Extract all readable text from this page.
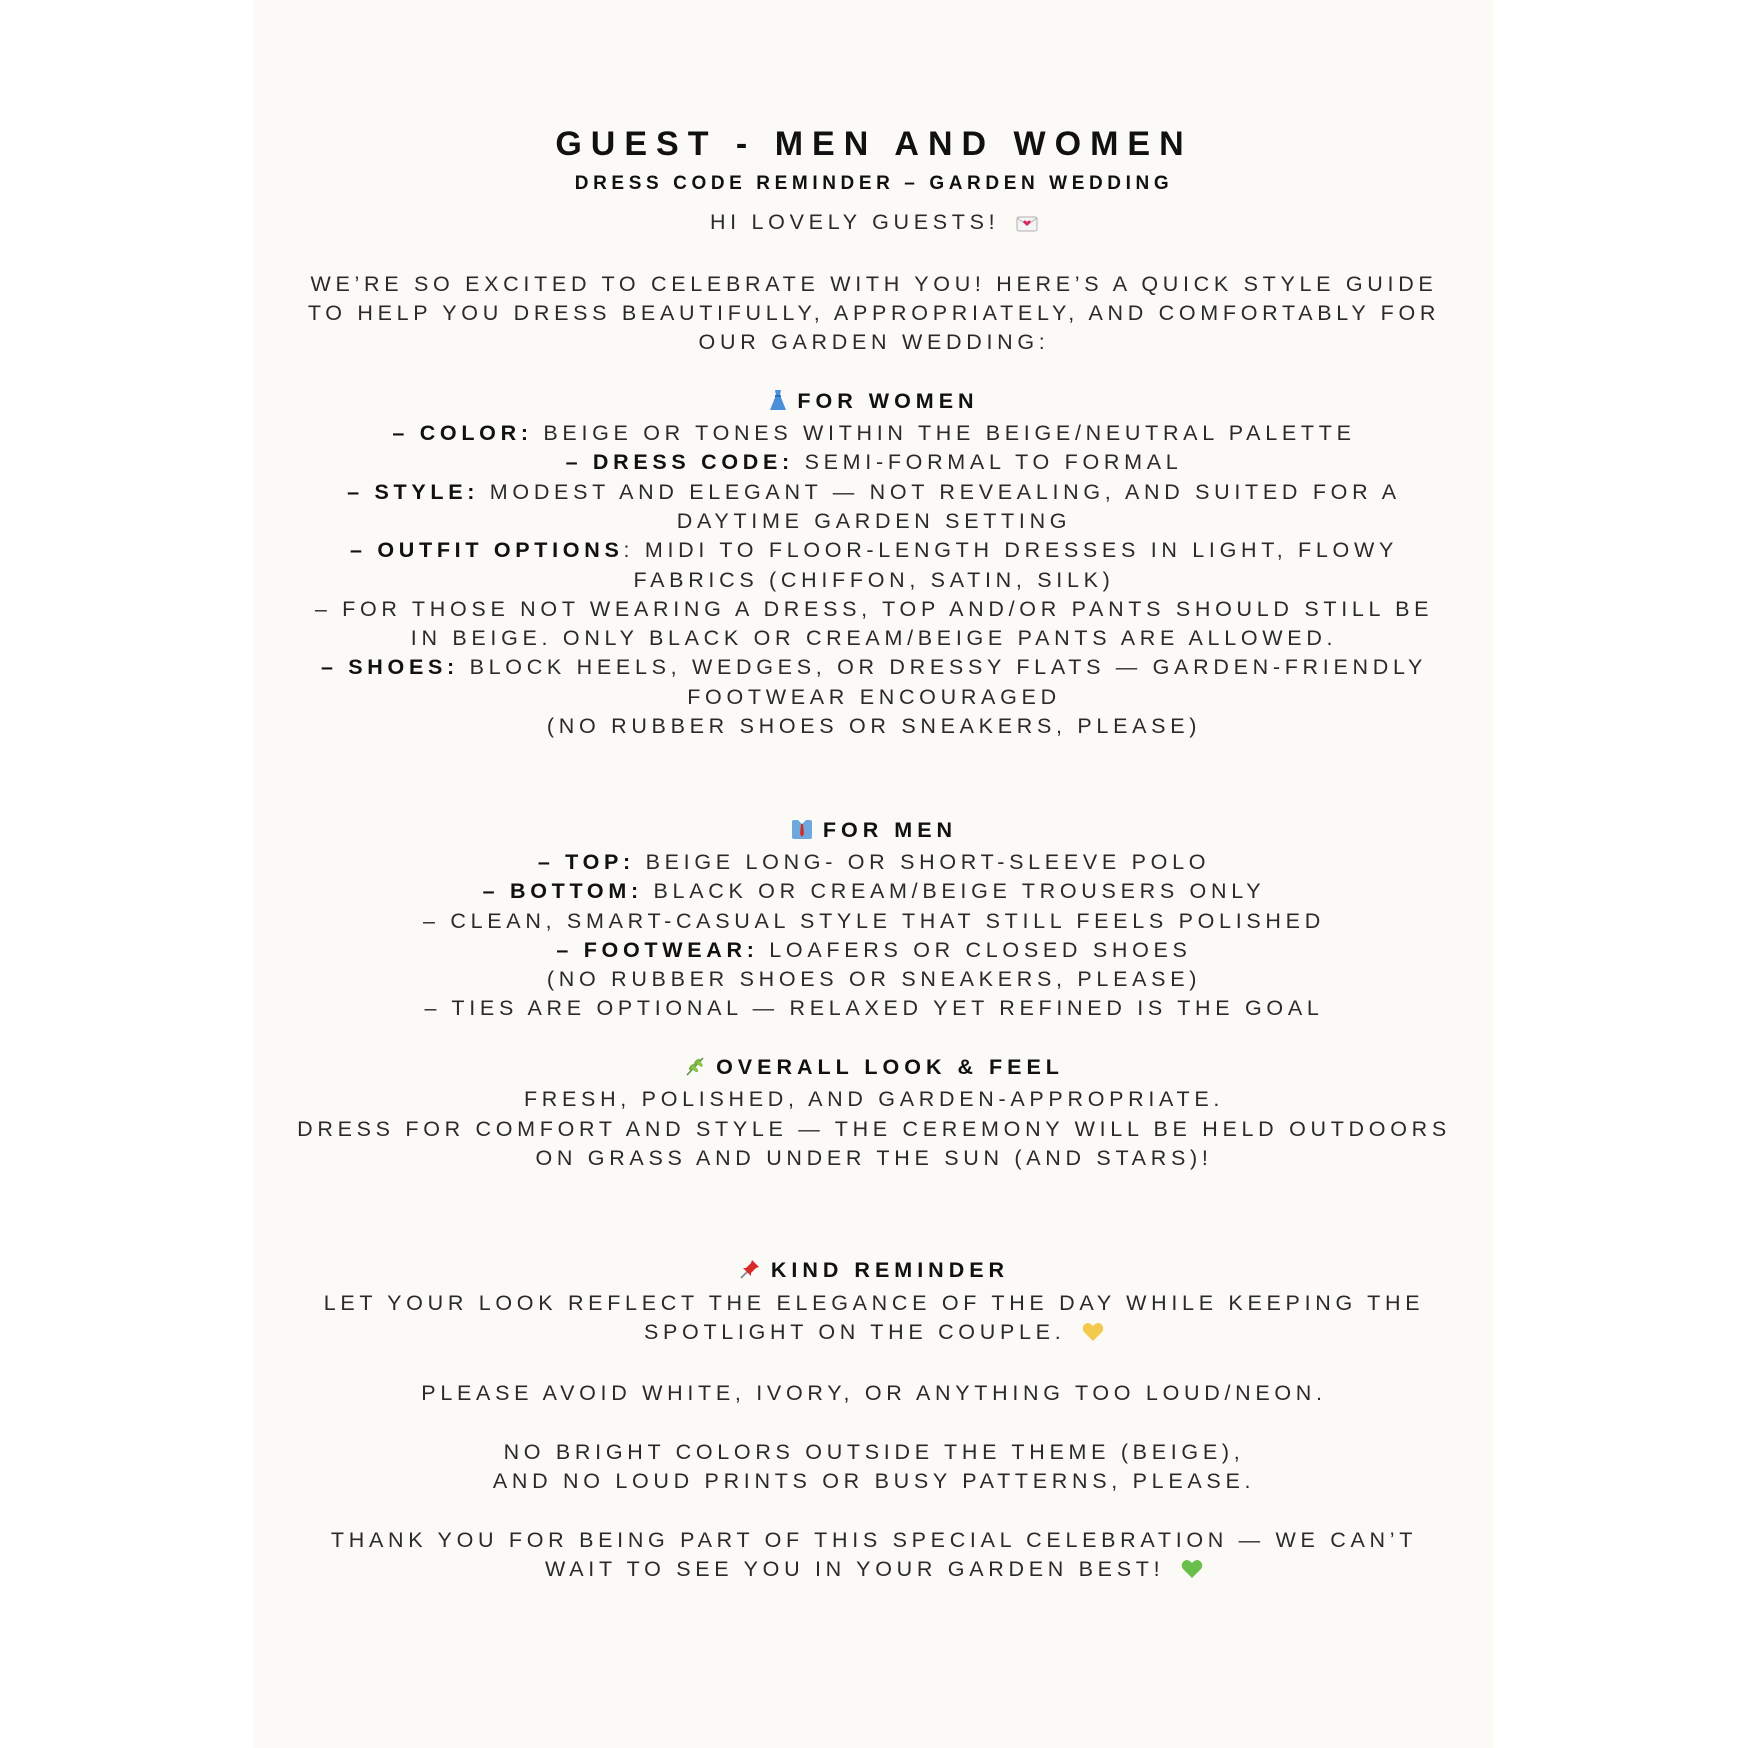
GUEST - MEN AND WOMEN
DRESS CODE REMINDER – GARDEN WEDDING
HI LOVELY GUESTS!
WE’RE SO EXCITED TO CELEBRATE WITH YOU! HERE’S A QUICK STYLE GUIDE
TO HELP YOU DRESS BEAUTIFULLY, APPROPRIATELY, AND COMFORTABLY FOR
OUR GARDEN WEDDING:
FOR WOMEN
– COLOR: BEIGE OR TONES WITHIN THE BEIGE/NEUTRAL PALETTE
– DRESS CODE: SEMI-FORMAL TO FORMAL
– STYLE: MODEST AND ELEGANT — NOT REVEALING, AND SUITED FOR A
DAYTIME GARDEN SETTING
– OUTFIT OPTIONS: MIDI TO FLOOR-LENGTH DRESSES IN LIGHT, FLOWY
FABRICS (CHIFFON, SATIN, SILK)
– FOR THOSE NOT WEARING A DRESS, TOP AND/OR PANTS SHOULD STILL BE
IN BEIGE. ONLY BLACK OR CREAM/BEIGE PANTS ARE ALLOWED.
– SHOES: BLOCK HEELS, WEDGES, OR DRESSY FLATS — GARDEN-FRIENDLY
FOOTWEAR ENCOURAGED
(NO RUBBER SHOES OR SNEAKERS, PLEASE)
FOR MEN
– TOP: BEIGE LONG- OR SHORT-SLEEVE POLO
– BOTTOM: BLACK OR CREAM/BEIGE TROUSERS ONLY
– CLEAN, SMART-CASUAL STYLE THAT STILL FEELS POLISHED
– FOOTWEAR: LOAFERS OR CLOSED SHOES
(NO RUBBER SHOES OR SNEAKERS, PLEASE)
– TIES ARE OPTIONAL — RELAXED YET REFINED IS THE GOAL
OVERALL LOOK & FEEL
FRESH, POLISHED, AND GARDEN-APPROPRIATE.
DRESS FOR COMFORT AND STYLE — THE CEREMONY WILL BE HELD OUTDOORS
ON GRASS AND UNDER THE SUN (AND STARS)!
KIND REMINDER
LET YOUR LOOK REFLECT THE ELEGANCE OF THE DAY WHILE KEEPING THE
SPOTLIGHT ON THE COUPLE.
PLEASE AVOID WHITE, IVORY, OR ANYTHING TOO LOUD/NEON.
NO BRIGHT COLORS OUTSIDE THE THEME (BEIGE),
AND NO LOUD PRINTS OR BUSY PATTERNS, PLEASE.
THANK YOU FOR BEING PART OF THIS SPECIAL CELEBRATION — WE CAN’T
WAIT TO SEE YOU IN YOUR GARDEN BEST!
